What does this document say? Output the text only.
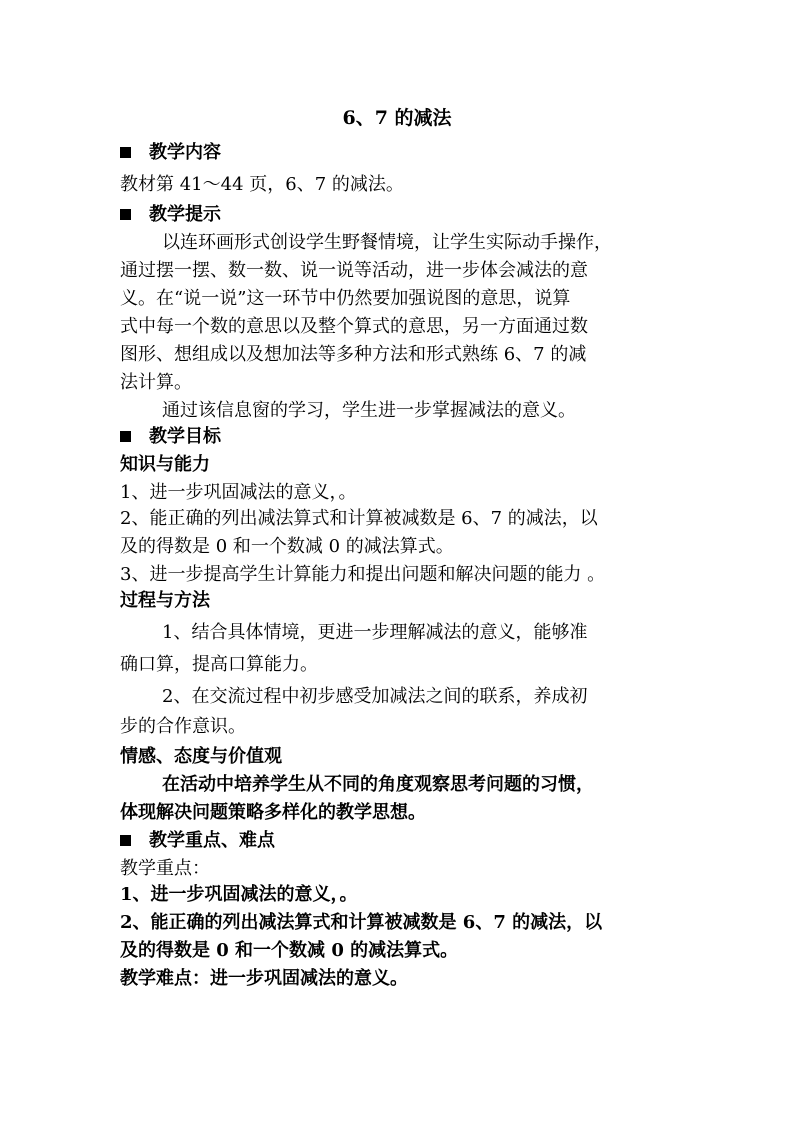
6、7 的减法
教学内容
教材第 41～44 页，6、7 的减法。
教学提示
以连环画形式创设学生野餐情境，让学生实际动手操作，
通过摆一摆、数一数、说一说等活动，进一步体会减法的意
义。在“说一说”这一环节中仍然要加强说图的意思，说算
式中每一个数的意思以及整个算式的意思，另一方面通过数
图形、想组成以及想加法等多种方法和形式熟练 6、7 的减
法计算。
通过该信息窗的学习，学生进一步掌握减法的意义。
教学目标
知识与能力
1、进一步巩固减法的意义，。
2、能正确的列出减法算式和计算被减数是 6、7 的减法，以
及的得数是 0 和一个数减 0 的减法算式。
3、进一步提高学生计算能力和提出问题和解决问题的能力 。
过程与方法
1、结合具体情境，更进一步理解减法的意义，能够准
确口算，提高口算能力。
2、在交流过程中初步感受加减法之间的联系，养成初
步的合作意识。
情感、态度与价值观
在活动中培养学生从不同的角度观察思考问题的习惯，
体现解决问题策略多样化的教学思想。
教学重点、难点
教学重点：
1、进一步巩固减法的意义，。
2、能正确的列出减法算式和计算被减数是 6、7 的减法，以
及的得数是 0 和一个数减 0 的减法算式。
教学难点：进一步巩固减法的意义。
